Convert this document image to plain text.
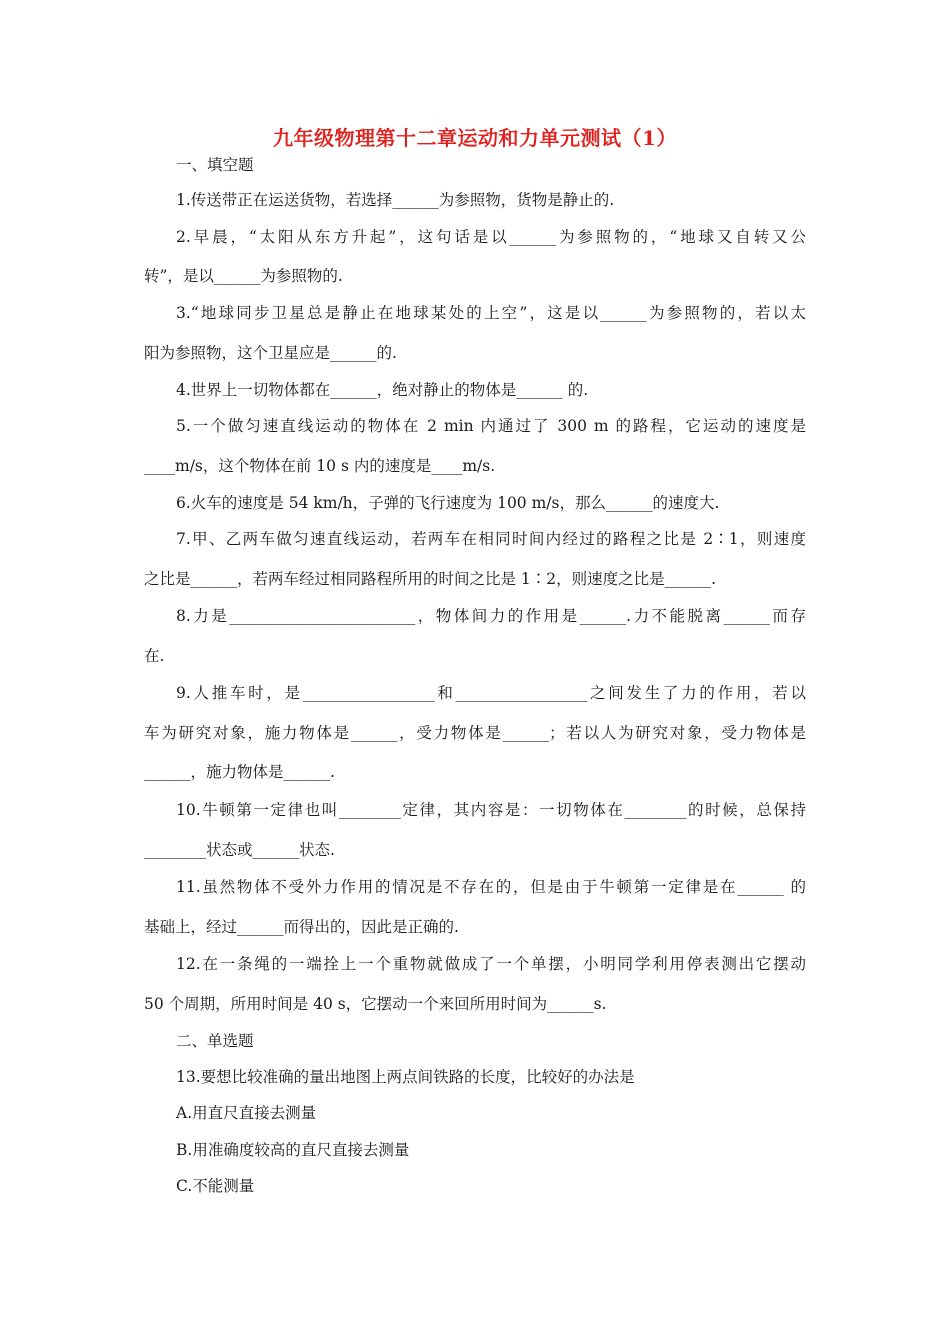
九年级物理第十二章运动和力单元测试（1）
一、填空题
1.传送带正在运送货物，若选择______为参照物，货物是静止的.
2.早晨，“太阳从东方升起”，这句话是以______为参照物的，“地球又自转又公
转”，是以______为参照物的.
3.“地球同步卫星总是静止在地球某处的上空”，这是以______为参照物的，若以太
阳为参照物，这个卫星应是______的.
4.世界上一切物体都在______，绝对静止的物体是______ 的.
5.一个做匀速直线运动的物体在 2 min 内通过了 300 m 的路程，它运动的速度是
____m/s，这个物体在前 10 s 内的速度是____m/s.
6.火车的速度是 54 km/h，子弹的飞行速度为 100 m/s，那么______的速度大.
7.甲、乙两车做匀速直线运动，若两车在相同时间内经过的路程之比是 2∶1，则速度
之比是______，若两车经过相同路程所用的时间之比是 1∶2，则速度之比是______.
8.力是________________________，物体间力的作用是______.力不能脱离______而存
在.
9.人推车时，是_________________和_________________之间发生了力的作用，若以
车为研究对象，施力物体是______，受力物体是______；若以人为研究对象，受力物体是
______，施力物体是______.
10.牛顿第一定律也叫________定律，其内容是：一切物体在________的时候，总保持
________状态或______状态.
11.虽然物体不受外力作用的情况是不存在的，但是由于牛顿第一定律是在______ 的
基础上，经过______而得出的，因此是正确的.
12.在一条绳的一端拴上一个重物就做成了一个单摆，小明同学利用停表测出它摆动
50 个周期，所用时间是 40 s，它摆动一个来回所用时间为______s.
二、单选题
13.要想比较准确的量出地图上两点间铁路的长度，比较好的办法是
A.用直尺直接去测量
B.用准确度较高的直尺直接去测量
C.不能测量
